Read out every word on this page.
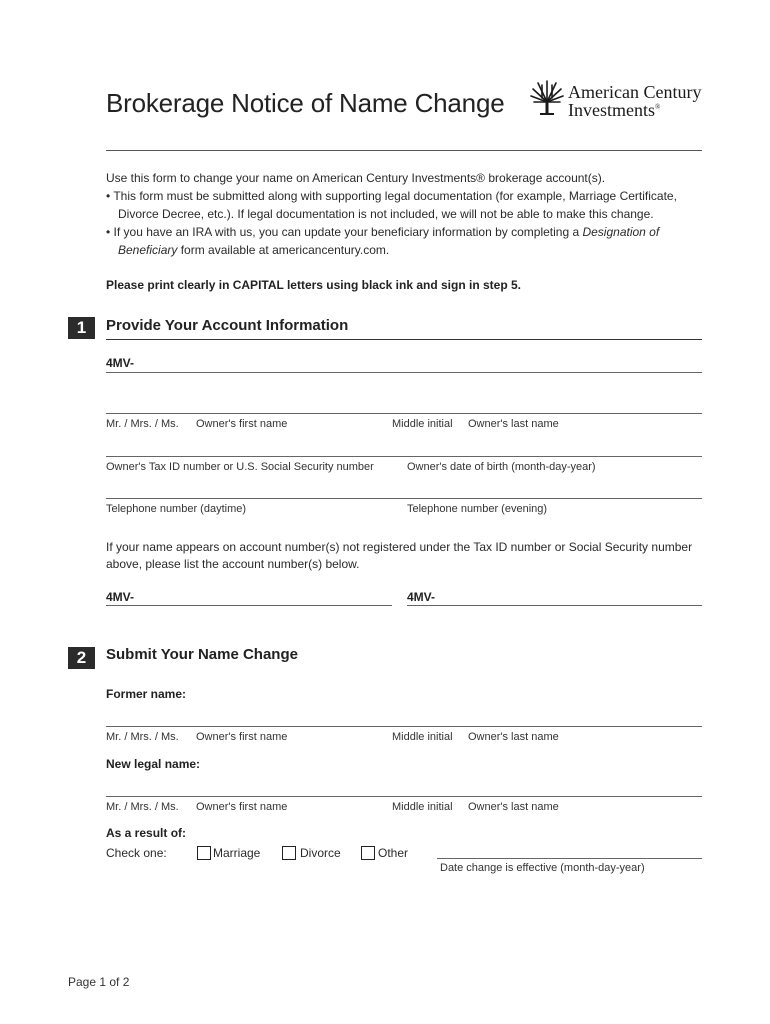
Brokerage Notice of Name Change	American Century
Investments®

Use this form to change your name on American Century Investments® brokerage account(s).

• This form must be submitted along with supporting legal documentation (for example, Marriage Certificate, Divorce Decree, etc.). If legal documentation is not included, we will not be able to make this change.

• If you have an IRA with us, you can update your beneficiary information by completing a Designation of Beneficiary form available at americancentury.com.

Please print clearly in CAPITAL letters using black ink and sign in step 5.
1	Provide Your Account Information
4MV-
Mr. / Mrs. / Ms. Owner's first name	Middle initial Owner's last name
Owner's Tax ID number or U.S. Social Security number	Owner's date of birth (month-day-year)
Telephone number (daytime)	Telephone number (evening)
If your name appears on account number(s) not registered under the Tax ID number or Social Security number above, please list the account number(s) below.
4MV-	4MV-
2	Submit Your Name Change
Former name:
Mr. / Mrs. / Ms. Owner's first name	Middle initial Owner's last name
New legal name:
Mr. / Mrs. / Ms. Owner's first name	Middle initial Owner's last name
As a result of:
Check one:	Marriage	Divorce	Other
Date change is effective (month-day-year)
Page 1 of 2
